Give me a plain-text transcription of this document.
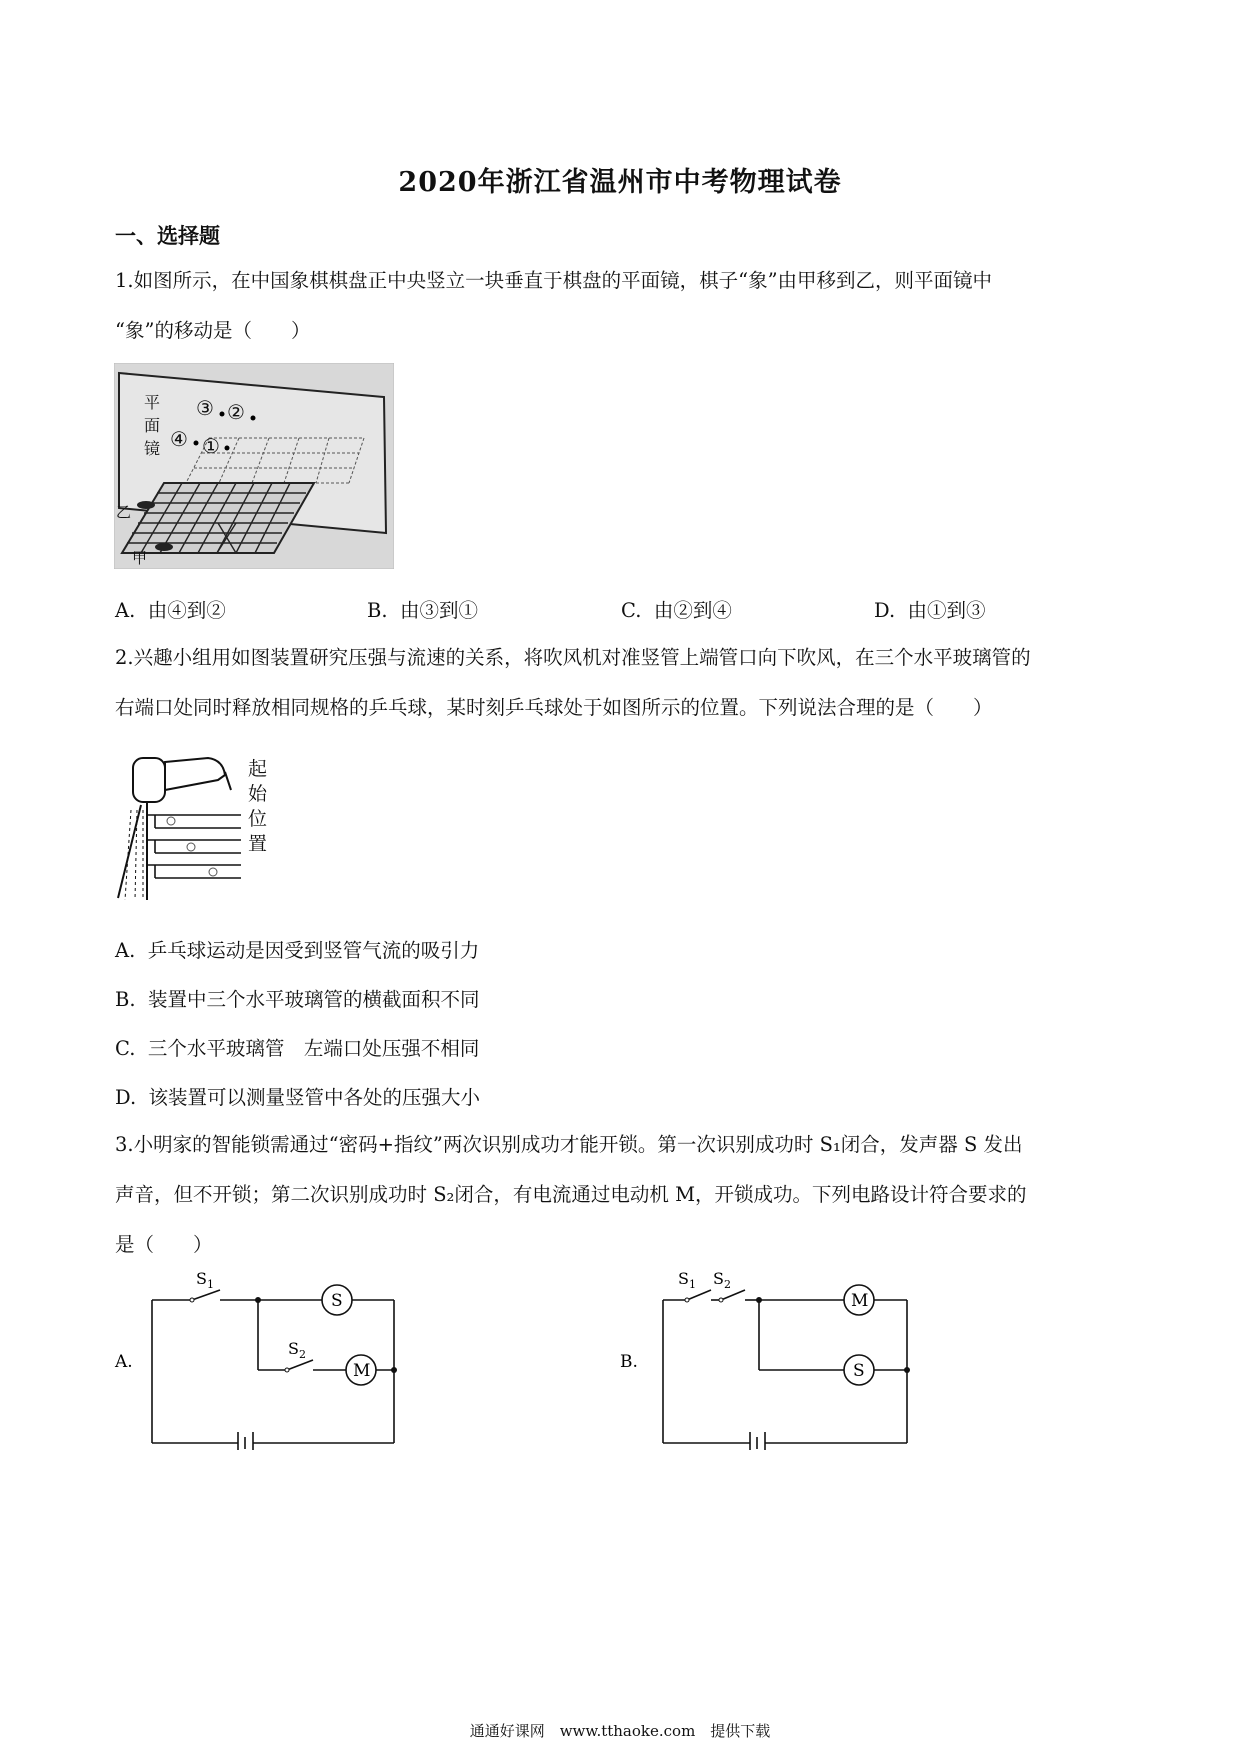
2020年浙江省温州市中考物理试卷
一、选择题
1.如图所示，在中国象棋棋盘正中央竖立一块垂直于棋盘的平面镜，棋子“象”由甲移到乙，则平面镜中
“象”的移动是（　　）
平
面
镜
③ ②
④ ①
乙
甲
A. 由④到②	B. 由③到①	C. 由②到④	D. 由①到③
2.兴趣小组用如图装置研究压强与流速的关系，将吹风机对准竖管上端管口向下吹风，在三个水平玻璃管的
右端口处同时释放相同规格的乒乓球，某时刻乒乓球处于如图所示的位置。下列说法合理的是（　　）
起
始
位
置
A. 乒乓球运动是因受到竖管气流的吸引力
B. 装置中三个水平玻璃管的横截面积不同
C. 三个水平玻璃管　左端口处压强不相同
D. 该装置可以测量竖管中各处的压强大小
3.小明家的智能锁需通过“密码+指纹”两次识别成功才能开锁。第一次识别成功时 S₁闭合，发声器 S 发出
声音，但不开锁；第二次识别成功时 S₂闭合，有电流通过电动机 M，开锁成功。下列电路设计符合要求的
是（　　）
A.
S
M
$S_1$
$S_2$	B.
M
S
$S_1$ $S_2$
通通好课网　www.tthaoke.com　提供下载
